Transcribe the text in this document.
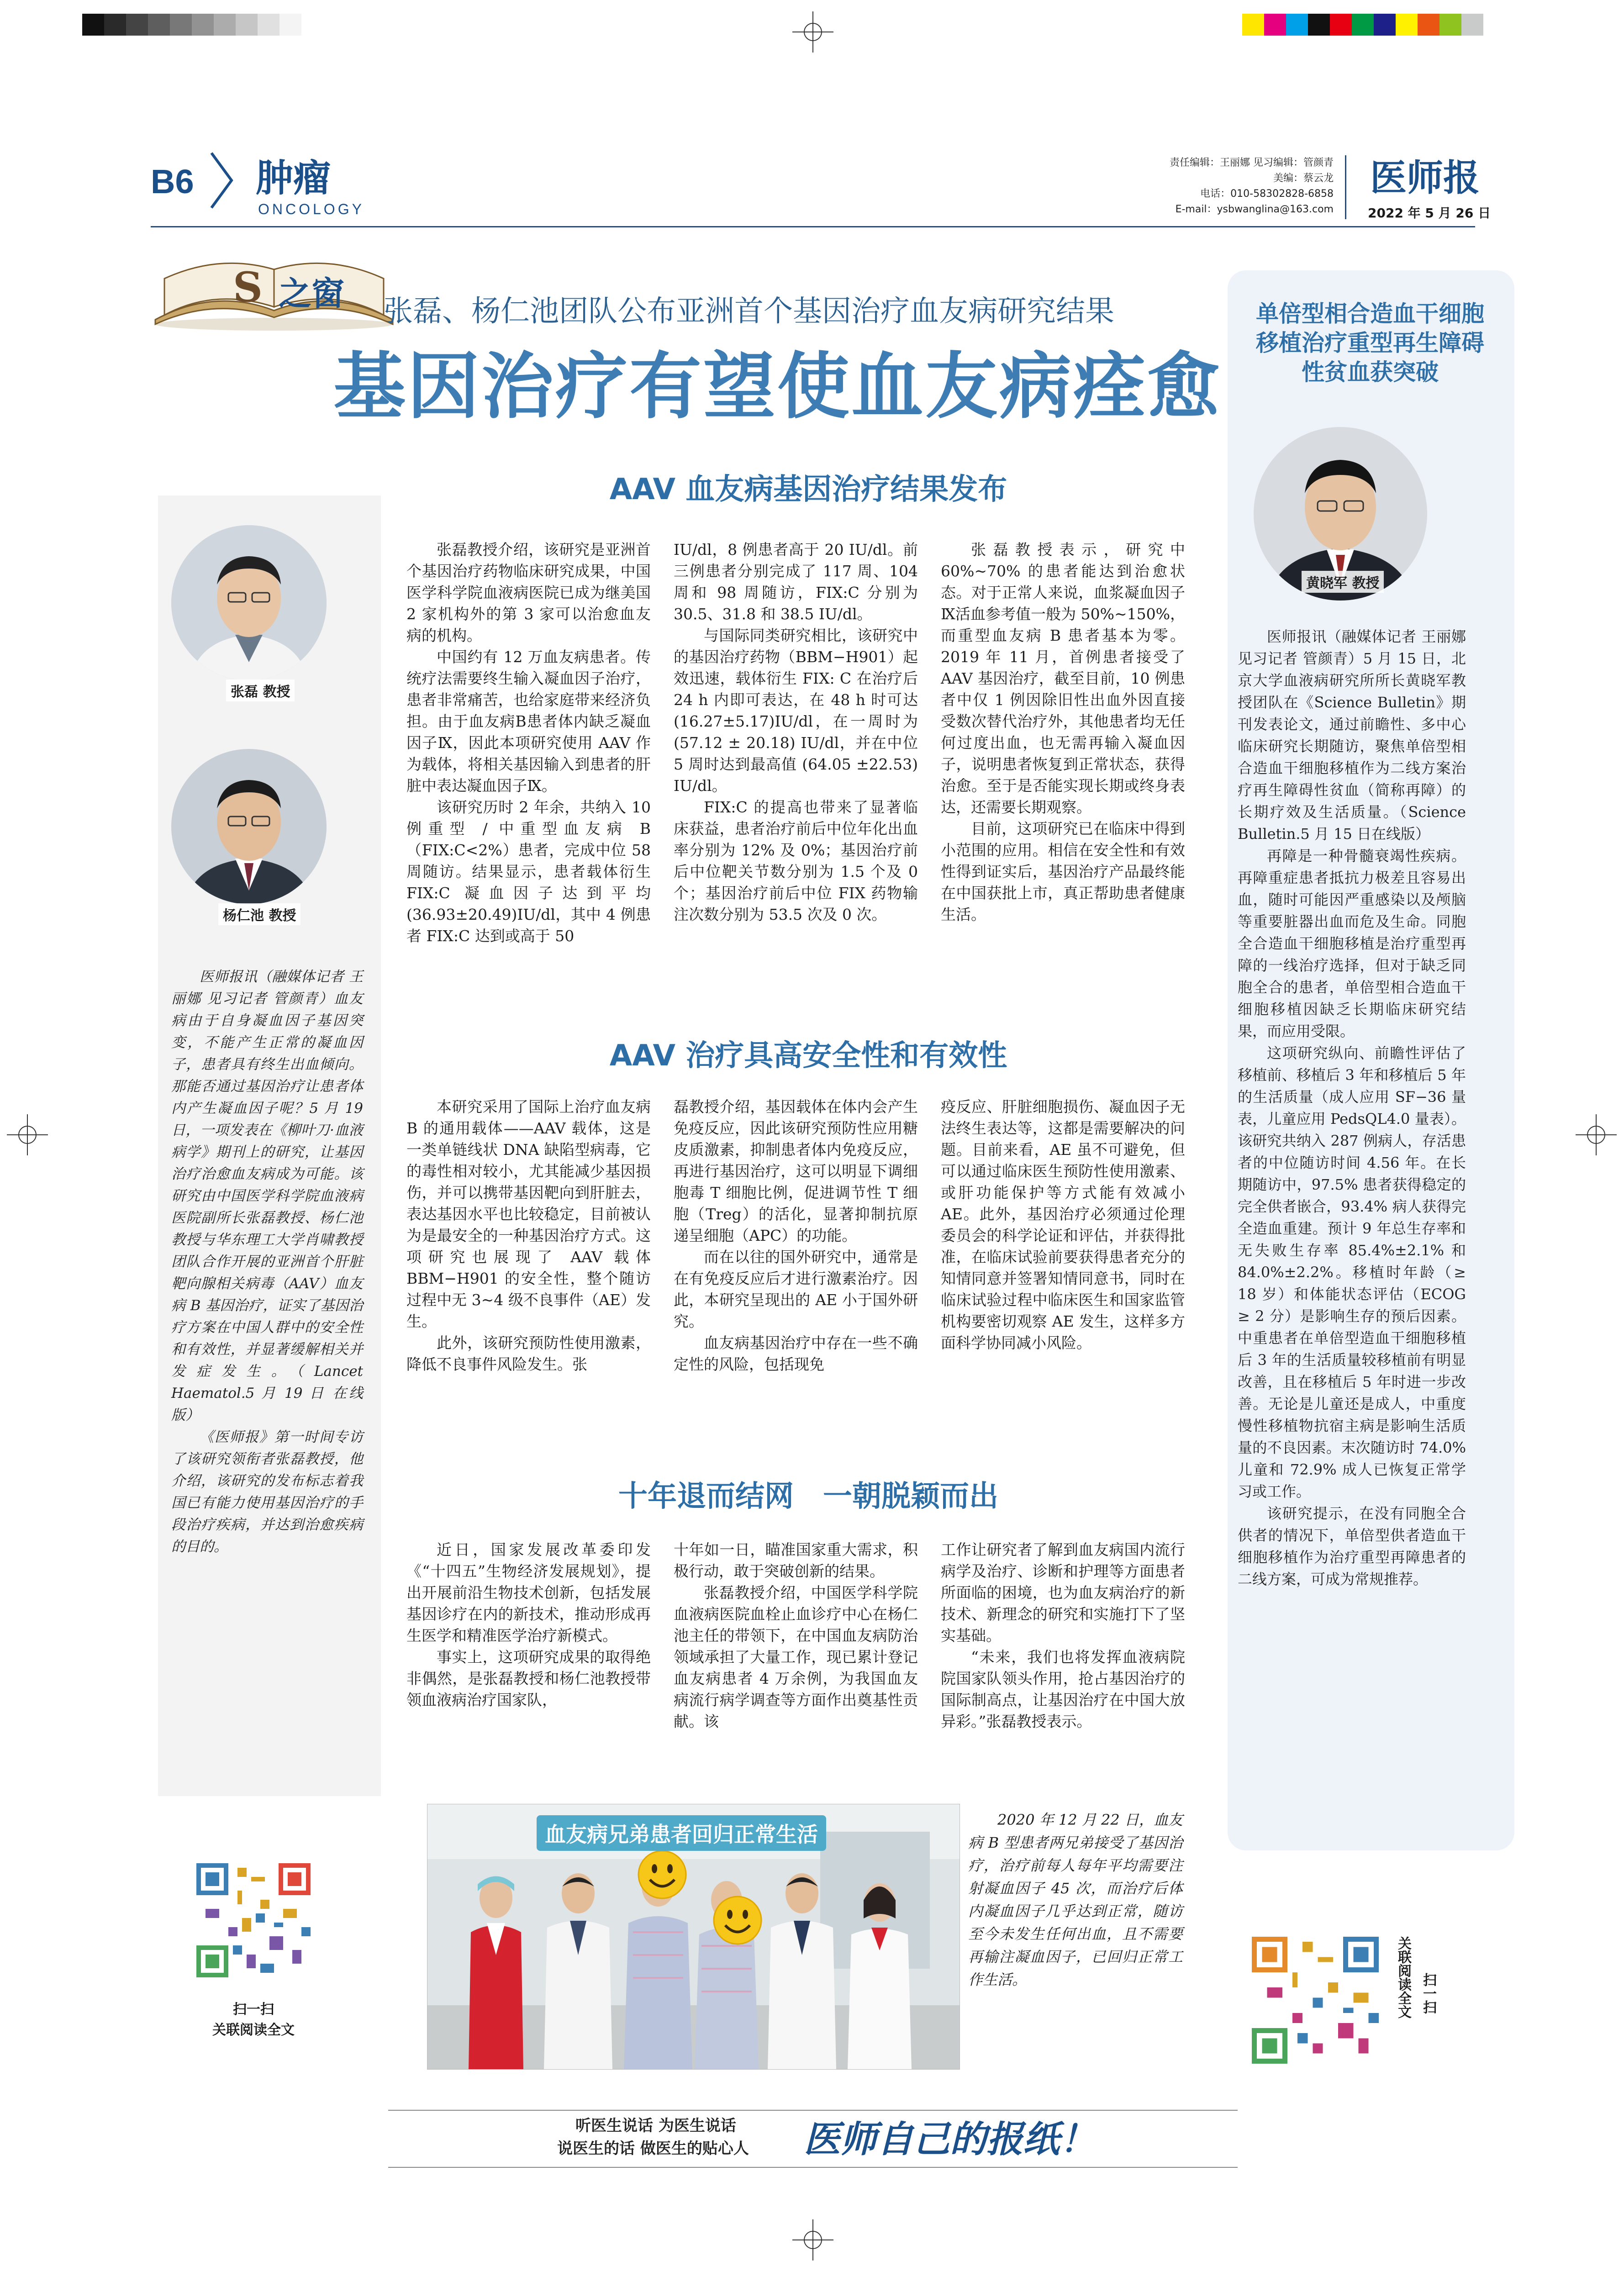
B6 肿瘤
ONCOLOGY
责任编辑：王丽娜 见习编辑：管颜青
美编：蔡云龙
电话：010-58302828-6858
E-mail：ysbwanglina@163.com
医师报
2022 年 5 月 26 日
S 之窗 张磊、杨仁池团队公布亚洲首个基因治疗血友病研究结果
基因治疗有望使血友病痊愈
AAV 血友病基因治疗结果发布

张磊教授介绍，该研究是亚洲首个基因治疗药物临床研究成果，中国医学科学院血液病医院已成为继美国 2 家机构外的第 3 家可以治愈血友病的机构。

中国约有 12 万血友病患者。传统疗法需要终生输入凝血因子治疗，患者非常痛苦，也给家庭带来经济负担。由于血友病B患者体内缺乏凝血因子Ⅸ，因此本项研究使用 AAV 作为载体，将相关基因输入到患者的肝脏中表达凝血因子Ⅸ。

该研究历时 2 年余，共纳入 10 例重型 / 中重型血友病 B（FIX:C<2%）患者，完成中位 58 周随访。结果显示，患者载体衍生 FIX:C 凝血因子达到平均 (36.93±20.49)IU/dl，其中 4 例患者 FIX:C 达到或高于 50

IU/dl，8 例患者高于 20 IU/dl。前三例患者分别完成了 117 周、104 周和 98 周随访，FIX:C 分别为 30.5、31.8 和 38.5 IU/dl。

与国际同类研究相比，该研究中的基因治疗药物（BBM−H901）起效迅速，载体衍生 FIX: C 在治疗后 24 h 内即可表达，在 48 h 时可达 (16.27±5.17)IU/dl，在一周时为 (57.12 ± 20.18) IU/dl，并在中位 5 周时达到最高值 (64.05 ±22.53) IU/dl。

FIX:C 的提高也带来了显著临床获益，患者治疗前后中位年化出血率分别为 12% 及 0%；基因治疗前后中位靶关节数分别为 1.5 个及 0 个；基因治疗前后中位 FIX 药物输注次数分别为 53.5 次及 0 次。

张磊教授表示，研究中 60%~70% 的患者能达到治愈状态。对于正常人来说，血浆凝血因子Ⅸ活血参考值一般为 50%~150%，而重型血友病 B 患者基本为零。2019 年 11 月，首例患者接受了 AAV 基因治疗，截至目前，10 例患者中仅 1 例因除旧性出血外因直接受数次替代治疗外，其他患者均无任何过度出血，也无需再输入凝血因子，说明患者恢复到正常状态，获得治愈。至于是否能实现长期或终身表达，还需要长期观察。

目前，这项研究已在临床中得到小范围的应用。相信在安全性和有效性得到证实后，基因治疗产品最终能在中国获批上市，真正帮助患者健康生活。

AAV 治疗具高安全性和有效性

本研究采用了国际上治疗血友病 B 的通用载体——AAV 载体，这是一类单链线状 DNA 缺陷型病毒，它的毒性相对较小，尤其能减少基因损伤，并可以携带基因靶向到肝脏去，表达基因水平也比较稳定，目前被认为是最安全的一种基因治疗方式。这项研究也展现了 AAV 载体 BBM−H901 的安全性，整个随访过程中无 3~4 级不良事件（AE）发生。

此外，该研究预防性使用激素，降低不良事件风险发生。张

磊教授介绍，基因载体在体内会产生免疫反应，因此该研究预防性应用糖皮质激素，抑制患者体内免疫反应，再进行基因治疗，这可以明显下调细胞毒 T 细胞比例，促进调节性 T 细胞（Treg）的活化，显著抑制抗原递呈细胞（APC）的功能。

而在以往的国外研究中，通常是在有免疫反应后才进行激素治疗。因此，本研究呈现出的 AE 小于国外研究。

血友病基因治疗中存在一些不确定性的风险，包括现免

疫反应、肝脏细胞损伤、凝血因子无法终生表达等，这都是需要解决的问题。目前来看，AE 虽不可避免，但可以通过临床医生预防性使用激素、或肝功能保护等方式能有效减小 AE。此外，基因治疗必须通过伦理委员会的科学论证和评估，并获得批准，在临床试验前要获得患者充分的知情同意并签署知情同意书，同时在临床试验过程中临床医生和国家监管机构要密切观察 AE 发生，这样多方面科学协同减小风险。

十年退而结网　一朝脱颖而出

近日，国家发展改革委印发《“十四五”生物经济发展规划》，提出开展前沿生物技术创新，包括发展基因诊疗在内的新技术，推动形成再生医学和精准医学治疗新模式。

事实上，这项研究成果的取得绝非偶然，是张磊教授和杨仁池教授带领血液病治疗国家队，

十年如一日，瞄准国家重大需求，积极行动，敢于突破创新的结果。

张磊教授介绍，中国医学科学院血液病医院血栓止血诊疗中心在杨仁池主任的带领下，在中国血友病防治领域承担了大量工作，现已累计登记血友病患者 4 万余例，为我国血友病流行病学调查等方面作出奠基性贡献。该

工作让研究者了解到血友病国内流行病学及治疗、诊断和护理等方面患者所面临的困境，也为血友病治疗的新技术、新理念的研究和实施打下了坚实基础。

“未来，我们也将发挥血液病院院国家队领头作用，抢占基因治疗的国际制高点，让基因治疗在中国大放异彩。”张磊教授表示。

张磊 教授
杨仁池 教授

医师报讯（融媒体记者 王丽娜 见习记者 管颜青）血友病由于自身凝血因子基因突变，不能产生正常的凝血因子，患者具有终生出血倾向。那能否通过基因治疗让患者体内产生凝血因子呢？5 月 19 日，一项发表在《柳叶刀·血液病学》期刊上的研究，让基因治疗治愈血友病成为可能。该研究由中国医学科学院血液病医院副所长张磊教授、杨仁池教授与华东理工大学肖啸教授团队合作开展的亚洲首个肝脏靶向腺相关病毒（AAV）血友病 B 基因治疗，证实了基因治疗方案在中国人群中的安全性和有效性，并显著缓解相关并发症发生。（Lancet Haematol.5 月 19 日 在线版）

《医师报》第一时间专访了该研究领衔者张磊教授，他介绍，该研究的发布标志着我国已有能力使用基因治疗的手段治疗疾病，并达到治愈疾病的目的。

扫一扫
关联阅读全文
单倍型相合造血干细胞移植治疗重型再生障碍性贫血获突破
黄晓军 教授

医师报讯（融媒体记者 王丽娜 见习记者 管颜青）5 月 15 日，北京大学血液病研究所所长黄晓军教授团队在《Science Bulletin》期刊发表论文，通过前瞻性、多中心临床研究长期随访，聚焦单倍型相合造血干细胞移植作为二线方案治疗再生障碍性贫血（简称再障）的长期疗效及生活质量。（Science Bulletin.5 月 15 日在线版）

再障是一种骨髓衰竭性疾病。再障重症患者抵抗力极差且容易出血，随时可能因严重感染以及颅脑等重要脏器出血而危及生命。同胞全合造血干细胞移植是治疗重型再障的一线治疗选择，但对于缺乏同胞全合的患者，单倍型相合造血干细胞移植因缺乏长期临床研究结果，而应用受限。

这项研究纵向、前瞻性评估了移植前、移植后 3 年和移植后 5 年的生活质量（成人应用 SF−36 量表，儿童应用 PedsQL4.0 量表）。该研究共纳入 287 例病人，存活患者的中位随访时间 4.56 年。在长期随访中，97.5% 患者获得稳定的完全供者嵌合，93.4% 病人获得完全造血重建。预计 9 年总生存率和无失败生存率 85.4%±2.1% 和 84.0%±2.2%。移植时年龄（≥ 18 岁）和体能状态评估（ECOG ≥ 2 分）是影响生存的预后因素。中重患者在单倍型造血干细胞移植后 3 年的生活质量较移植前有明显改善，且在移植后 5 年时进一步改善。无论是儿童还是成人，中重度慢性移植物抗宿主病是影响生活质量的不良因素。末次随访时 74.0% 儿童和 72.9% 成人已恢复正常学习或工作。

该研究提示，在没有同胞全合供者的情况下，单倍型供者造血干细胞移植作为治疗重型再障患者的二线方案，可成为常规推荐。

关联阅读全文 扫一扫
血友病兄弟患者回归正常生活

2020 年 12 月 22 日，血友病 B 型患者两兄弟接受了基因治疗，治疗前每人每年平均需要注射凝血因子 45 次，而治疗后体内凝血因子几乎达到正常，随访至今未发生任何出血，且不需要再输注凝血因子，已回归正常工作生活。

听医生说话 为医生说话
说医生的话 做医生的贴心人 医师自己的报纸！
